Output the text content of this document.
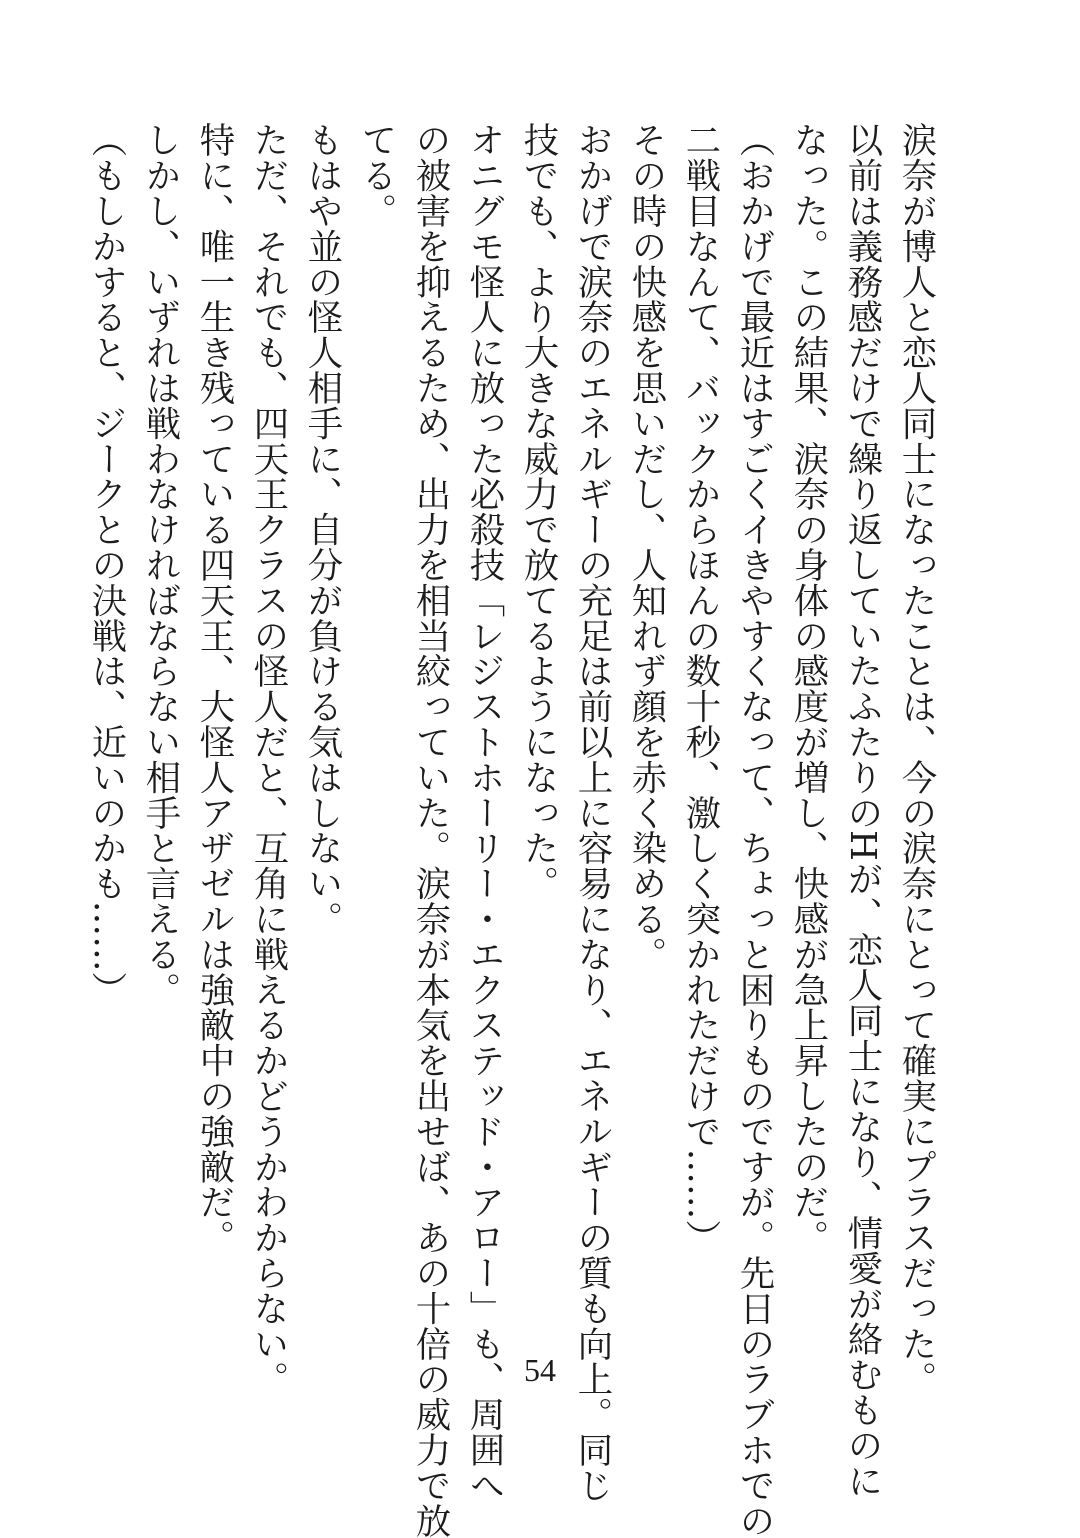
涙奈が博人と恋人同士になったことは、今の涙奈にとって確実にプラスだった。
以前は義務感だけで繰り返していたふたりのHが、恋人同士になり、情愛が絡むものに
なった。この結果、涙奈の身体の感度が増し、快感が急上昇したのだ。
（おかげで最近はすごくイきやすくなって、ちょっと困りものですが。先日のラブホでの
二戦目なんて、バックからほんの数十秒、激しく突かれただけで……）
その時の快感を思いだし、人知れず顔を赤く染める。
おかげで涙奈のエネルギーの充足は前以上に容易になり、エネルギーの質も向上。同じ
技でも、より大きな威力で放てるようになった。
オニグモ怪人に放った必殺技「レジストホーリー・エクステッド・アロー」も、周囲へ
の被害を抑えるため、出力を相当絞っていた。涙奈が本気を出せば、あの十倍の威力で放
てる。
もはや並の怪人相手に、自分が負ける気はしない。
ただ、それでも、四天王クラスの怪人だと、互角に戦えるかどうかわからない。
特に、唯一生き残っている四天王、大怪人アザゼルは強敵中の強敵だ。
しかし、いずれは戦わなければならない相手と言える。
（もしかすると、ジークとの決戦は、近いのかも……）
54
